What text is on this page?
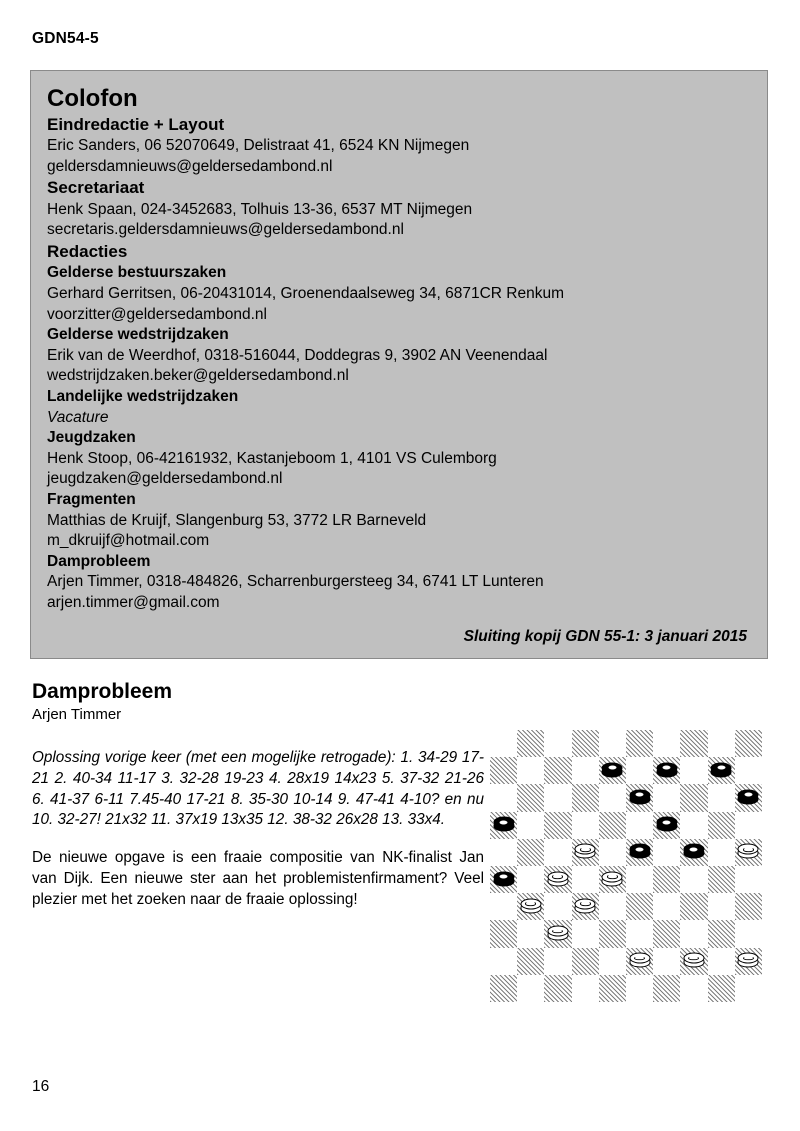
GDN54-5
Colofon

Eindredactie + Layout

Eric Sanders, 06 52070649, Delistraat 41, 6524 KN Nijmegen

geldersdamnieuws@geldersedambond.nl

Secretariaat

Henk Spaan, 024-3452683, Tolhuis 13-36, 6537 MT Nijmegen

secretaris.geldersdamnieuws@geldersedambond.nl

Redacties

Gelderse bestuurszaken

Gerhard Gerritsen, 06-20431014, Groenendaalseweg 34, 6871CR Renkum

voorzitter@geldersedambond.nl

Gelderse wedstrijdzaken

Erik van de Weerdhof, 0318-516044, Doddegras 9, 3902 AN Veenendaal

wedstrijdzaken.beker@geldersedambond.nl

Landelijke wedstrijdzaken

Vacature

Jeugdzaken

Henk Stoop, 06-42161932, Kastanjeboom 1, 4101 VS Culemborg

jeugdzaken@geldersedambond.nl

Fragmenten

Matthias de Kruijf, Slangenburg 53, 3772 LR Barneveld

m_dkruijf@hotmail.com

Damprobleem

Arjen Timmer, 0318-484826, Scharrenburgersteeg 34, 6741 LT Lunteren

arjen.timmer@gmail.com

Sluiting kopij GDN 55-1: 3 januari 2015
Damprobleem

Arjen Timmer

Oplossing vorige keer (met een mogelijke retrogade): 1. 34-29 17-21 2. 40-34 11-17 3. 32-28 19-23 4. 28x19 14x23 5. 37-32 21-26 6. 41-37 6-11 7.45-40 17-21 8. 35-30 10-14 9. 47-41 4-10? en nu 10. 32-27! 21x32 11. 37x19 13x35 12. 38-32 26x28 13. 33x4.

De nieuwe opgave is een fraaie compositie van NK-finalist Jan van Dijk. Een nieuwe ster aan het problemistenfirmament? Veel plezier met het zoeken naar de fraaie oplossing!

16
